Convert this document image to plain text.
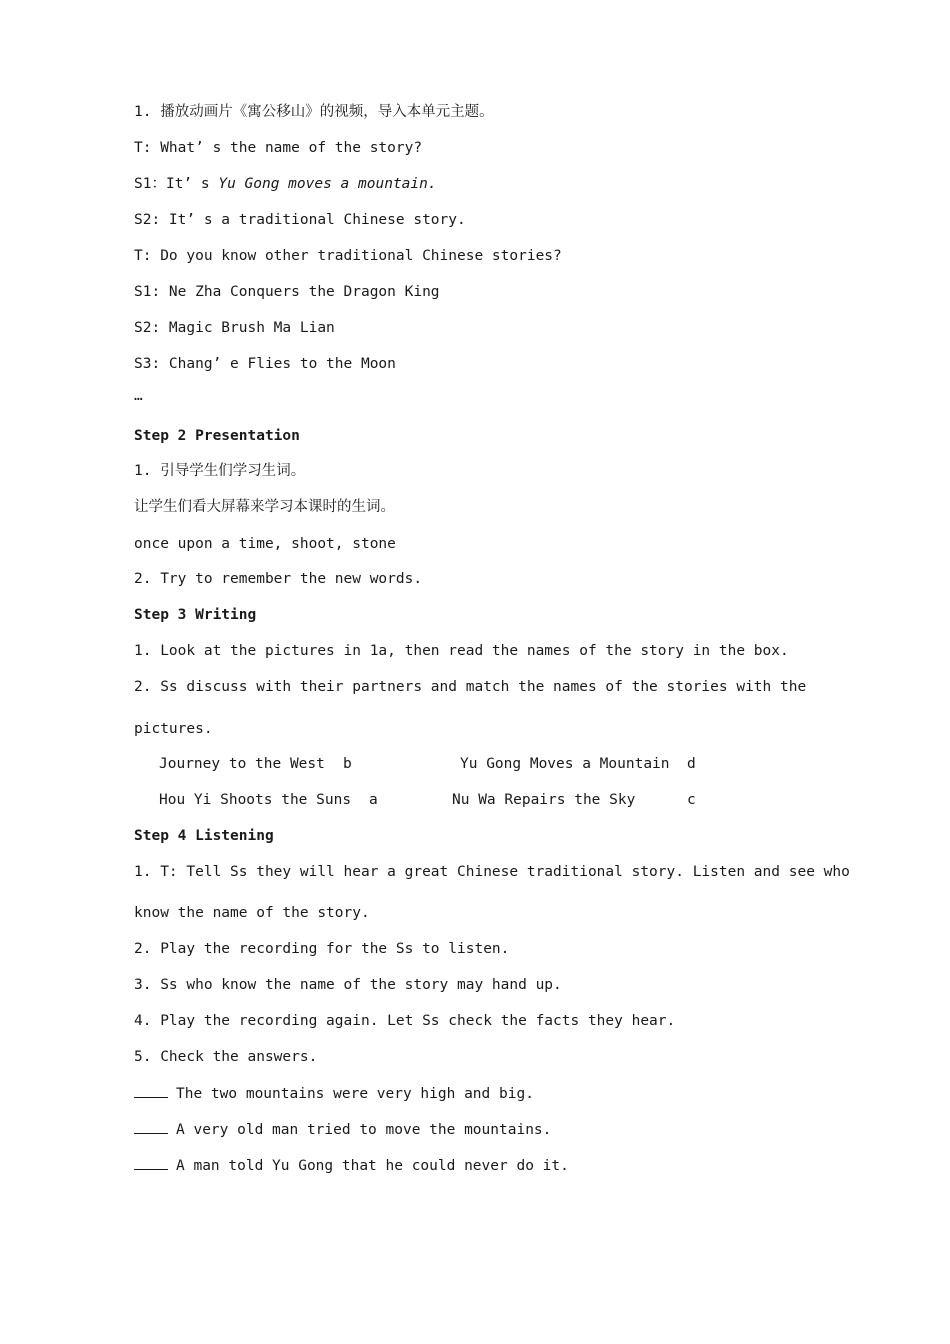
1. 播放动画片《寓公移山》的视频，导入本单元主题。

T: What’ s the name of the story?

S1：It’ s Yu Gong moves a mountain.

S2: It’ s a traditional Chinese story.

T: Do you know other traditional Chinese stories?

S1: Ne Zha Conquers the Dragon King

S2: Magic Brush Ma Lian

S3: Chang’ e Flies to the Moon

…

Step 2 Presentation

1. 引导学生们学习生词。

让学生们看大屏幕来学习本课时的生词。

once upon a time, shoot, stone

2. Try to remember the new words.

Step 3 Writing

1. Look at the pictures in 1a, then read the names of the story in the box.

2. Ss discuss with their partners and match the names of the stories with the

pictures.

Journey to the West b	Yu Gong Moves a Mountain d

Hou Yi Shoots the Suns a	Nu Wa Repairs the Sky	c

Step 4 Listening

1. T: Tell Ss they will hear a great Chinese traditional story. Listen and see who

know the name of the story.

2. Play the recording for the Ss to listen.

3. Ss who know the name of the story may hand up.

4. Play the recording again. Let Ss check the facts they hear.

5. Check the answers.

The two mountains were very high and big.

A very old man tried to move the mountains.

A man told Yu Gong that he could never do it.
